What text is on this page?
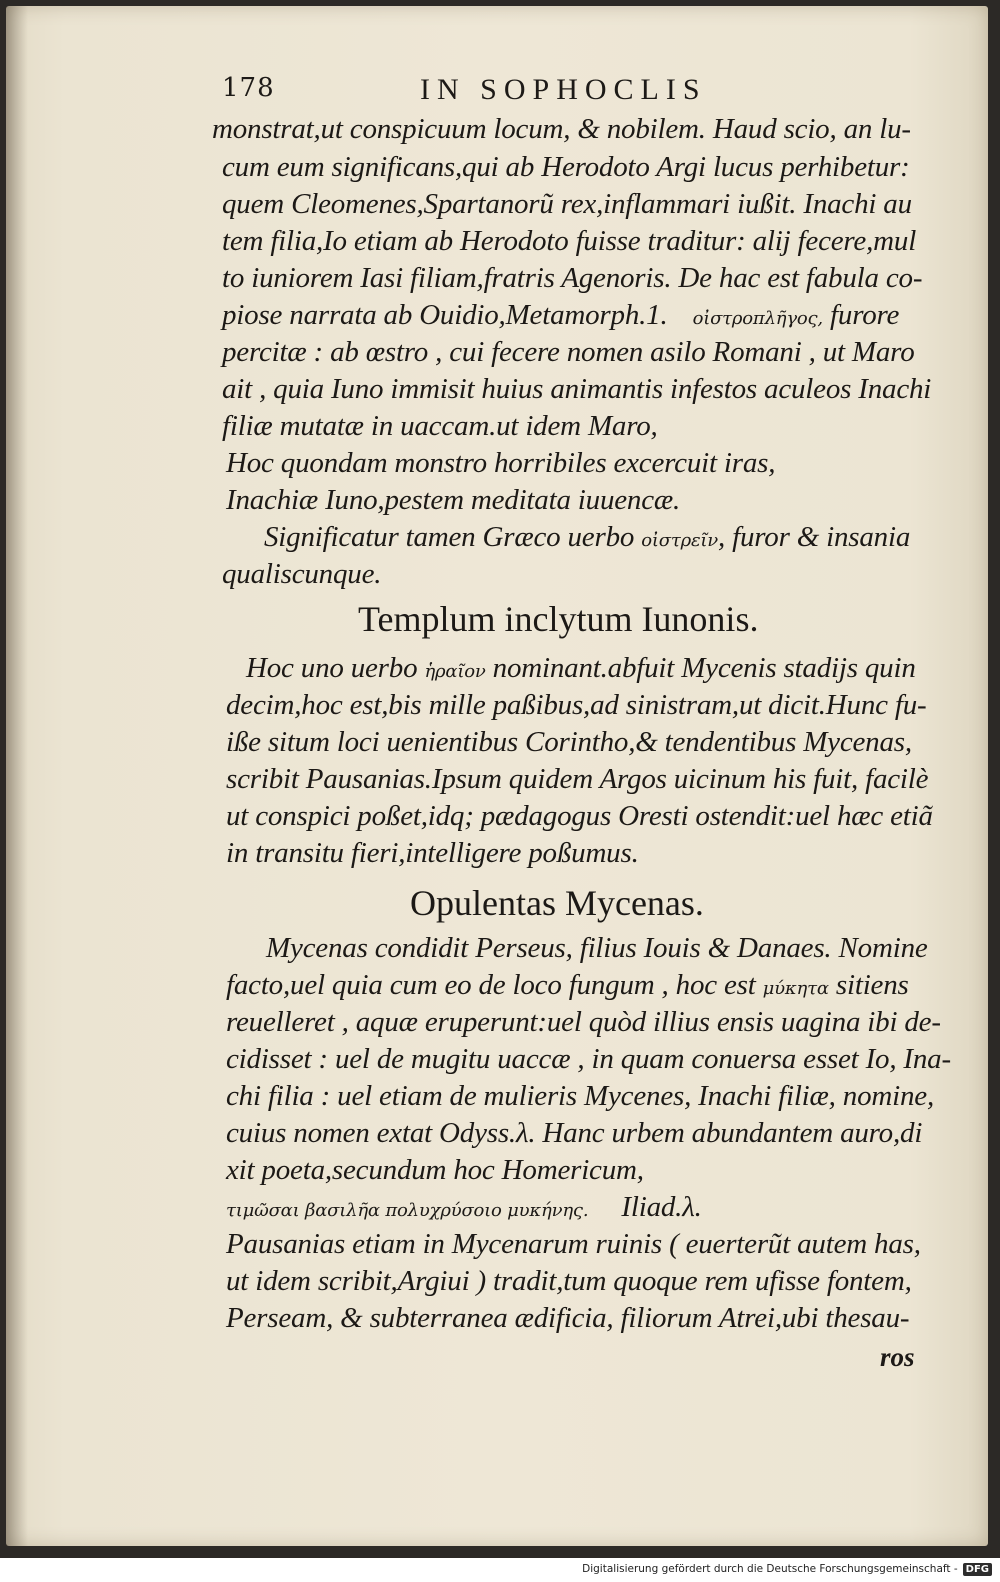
178	IN SOPHOCLIS
monstrat,ut conspicuum locum, & nobilem. Haud scio, an lu-
cum eum significans,qui ab Herodoto Argi lucus perhibetur:
quem Cleomenes,Spartanorũ rex,inflammari iußit. Inachi au
tem filia,Io etiam ab Herodoto fuisse traditur: alij fecere,mul
to iuniorem Iasi filiam,fratris Agenoris. De hac est fabula co-
piose narrata ab Ouidio,Metamorph.1. οἰστροπλῆγος, furore
percitæ : ab œstro , cui fecere nomen asilo Romani , ut Maro
ait , quia Iuno immisit huius animantis infestos aculeos Inachi
filiæ mutatæ in uaccam.ut idem Maro,
Hoc quondam monstro horribiles excercuit iras,
Inachiæ Iuno,pestem meditata iuuencæ.
Significatur tamen Græco uerbo οἰστρεῖν, furor & insania
qualiscunque.
Templum inclytum Iunonis.
Hoc uno uerbo ἡραῖον nominant.abfuit Mycenis stadijs quin
decim,hoc est,bis mille paßibus,ad sinistram,ut dicit.Hunc fu-
iße situm loci uenientibus Corintho,& tendentibus Mycenas,
scribit Pausanias.Ipsum quidem Argos uicinum his fuit, facilè
ut conspici poßet,idq; pædagogus Oresti ostendit:uel hæc etiã
in transitu fieri,intelligere poßumus.
Opulentas Mycenas.
Mycenas condidit Perseus, filius Iouis & Danaes. Nomine
facto,uel quia cum eo de loco fungum , hoc est μύκητα sitiens
reuelleret , aquæ eruperunt:uel quòd illius ensis uagina ibi de-
cidisset : uel de mugitu uaccæ , in quam conuersa esset Io, Ina-
chi filia : uel etiam de mulieris Mycenes, Inachi filiæ, nomine,
cuius nomen extat Odyss.λ. Hanc urbem abundantem auro,di
xit poeta,secundum hoc Homericum,
τιμῶσαι βασιλῆα πολυχρύσοιο μυκήνης. Iliad.λ.
Pausanias etiam in Mycenarum ruinis ( euerterũt autem has,
ut idem scribit,Argiui ) tradit,tum quoque rem ufisse fontem,
Perseam, & subterranea ædificia, filiorum Atrei,ubi thesau-
ros
Digitalisierung gefördert durch die Deutsche Forschungsgemeinschaft - DFG
